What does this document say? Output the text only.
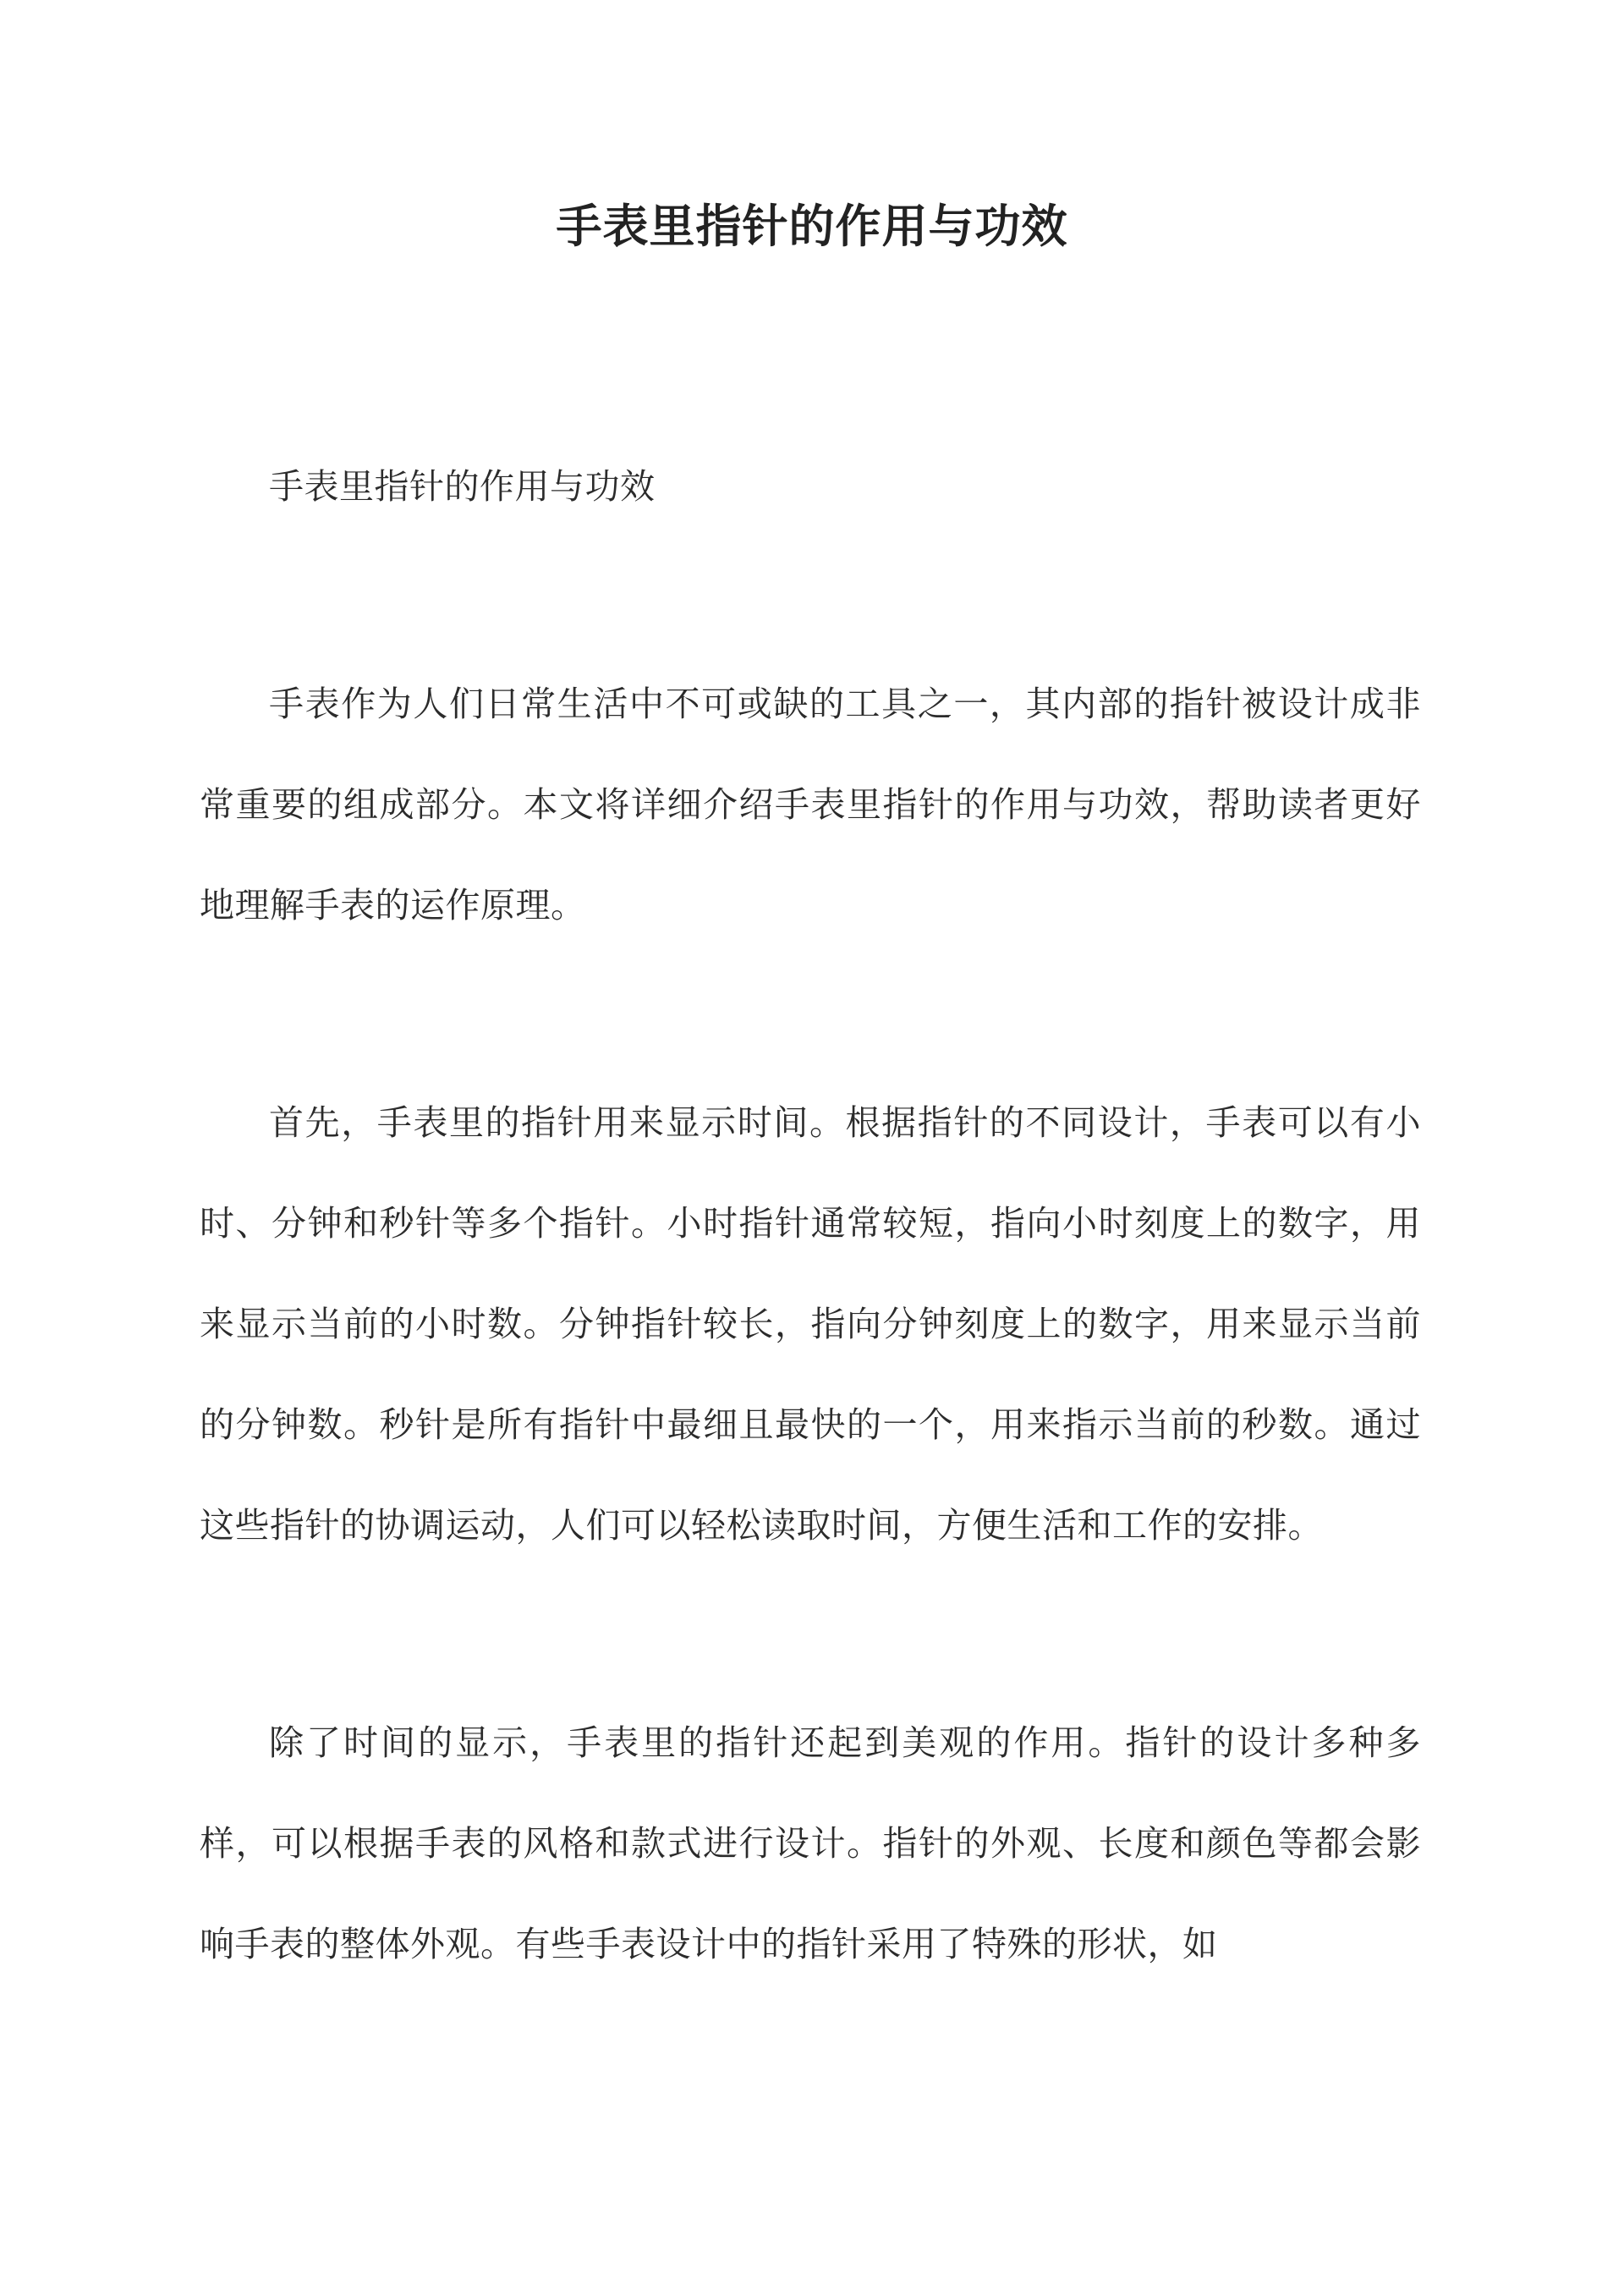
手表里指针的作用与功效

手表里指针的作用与功效

手表作为人们日常生活中不可或缺的工具之一，其内部的指针被设计成非常重要的组成部分。本文将详细介绍手表里指针的作用与功效，帮助读者更好地理解手表的运作原理。

首先，手表里的指针用来显示时间。根据指针的不同设计，手表可以有小时、分钟和秒针等多个指针。小时指针通常较短，指向小时刻度上的数字，用来显示当前的小时数。分钟指针较长，指向分钟刻度上的数字，用来显示当前的分钟数。秒针是所有指针中最细且最快的一个，用来指示当前的秒数。通过这些指针的协调运动，人们可以轻松读取时间，方便生活和工作的安排。

除了时间的显示，手表里的指针还起到美观的作用。指针的设计多种多样，可以根据手表的风格和款式进行设计。指针的外观、长度和颜色等都会影响手表的整体外观。有些手表设计中的指针采用了特殊的形状，如
